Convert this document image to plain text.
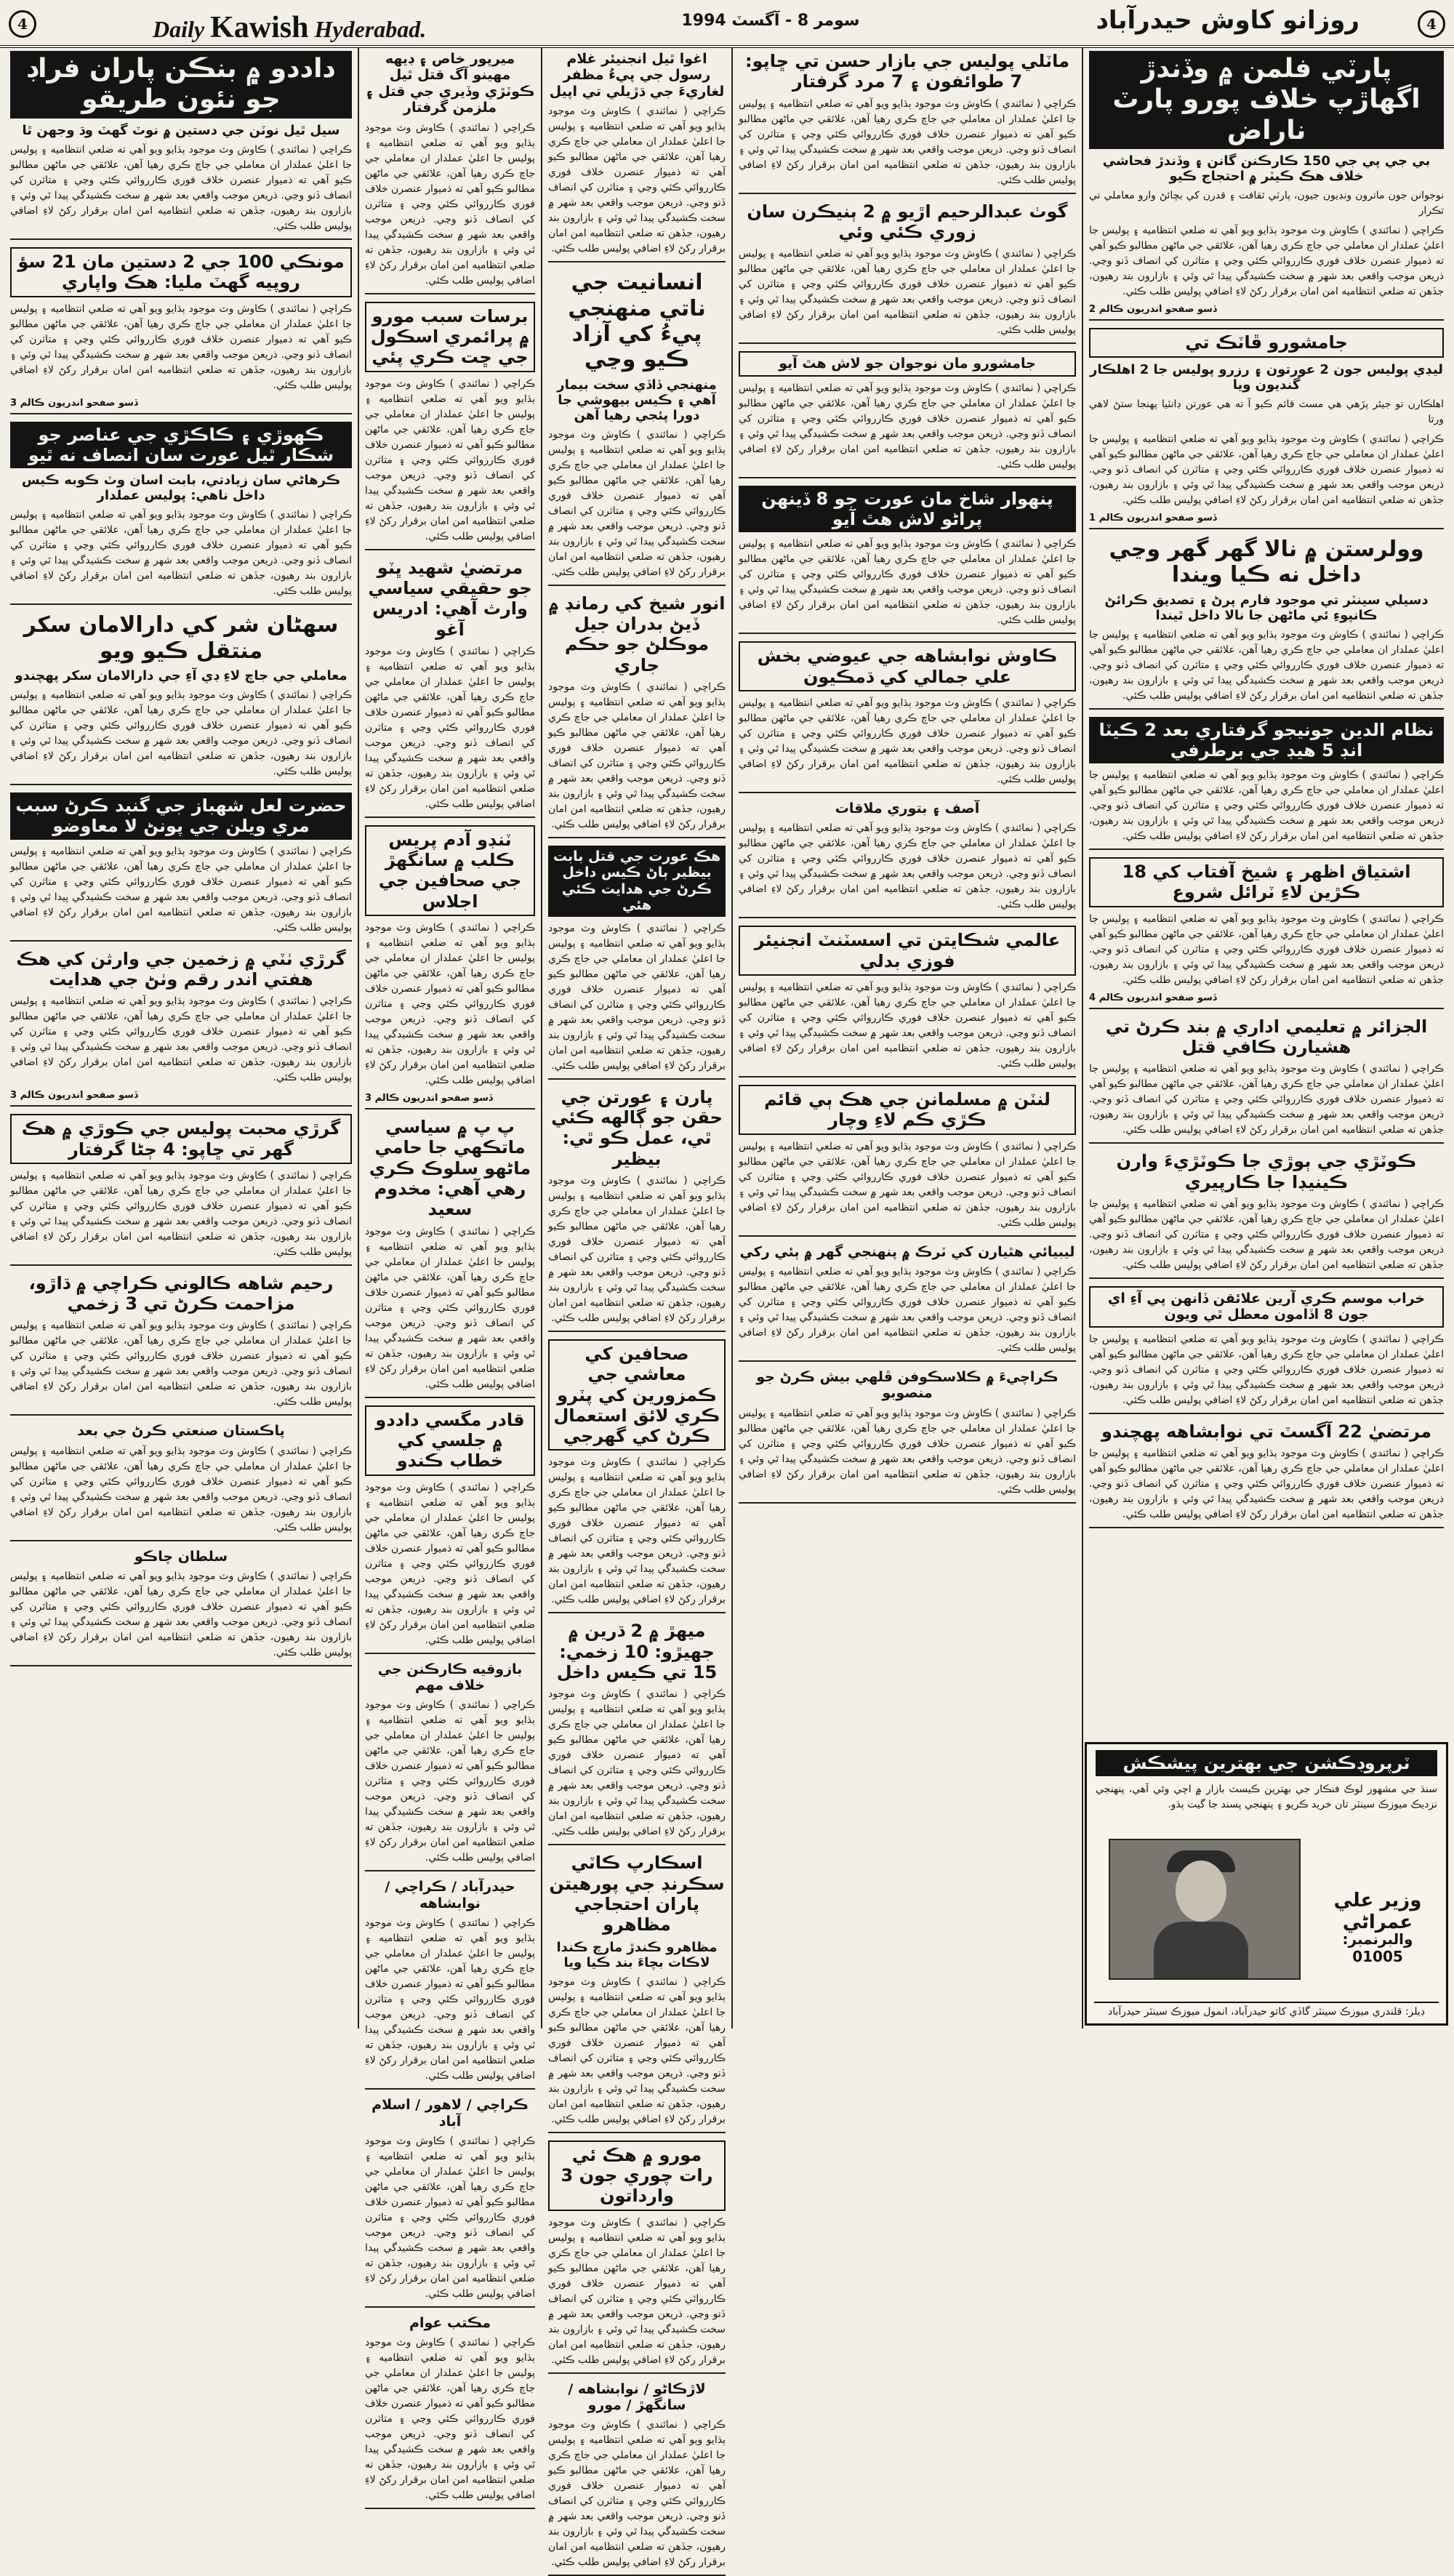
4	Daily Kawish Hyderabad.	سومر 8 - آگسٽ 1994	روزانو كاوش حيدرآباد	4
پارٽي فلمن ۾ وڏندڙ اگهاڙپ خلاف پورو پارٽ ناراض
بي جي پي جي 150 ڪارڪنن گانن ۽ وڏندڙ فحاشي خلاف هڪ ڪيٽر ۾ احتجاج ڪيو
نوجوانن جون ماترون ونڊيون جيون، پارٽي ثقافت ۽ قدرن کي بچائڻ وارو معاملي تي تڪرار
ڪراچي ( نمائندي ) ڪاوش وٽ موجود ٻڌايو ويو آهي ته ضلعي انتظاميه ۽ پوليس جا اعليٰ عملدار ان معاملي جي جاچ ڪري رهيا آهن، علائقي جي ماڻهن مطالبو ڪيو آهي ته ذميوار عنصرن خلاف فوري ڪارروائي ڪئي وڃي ۽ متاثرن کي انصاف ڏنو وڃي. ذريعن موجب واقعي بعد شهر ۾ سخت ڪشيدگي پيدا ٿي وئي ۽ بازارون بند رهيون، جڏهن ته ضلعي انتظاميه امن امان برقرار رکڻ لاءِ اضافي پوليس طلب ڪئي.
ڏسو صفحو اندريون ڪالم 2
جامشورو ڦاٽڪ تي
ليڊي پوليس جون 2 عورتون ۽ رزرو پوليس جا 2 اهلڪار گنديون ويا
اهلڪارن تو جيئر پڙهي هي مسٽ قائم ڪيو آ ته هي عورتن ڊانٽيا پهنجا ستڻ لاهي ورتا
ڪراچي ( نمائندي ) ڪاوش وٽ موجود ٻڌايو ويو آهي ته ضلعي انتظاميه ۽ پوليس جا اعليٰ عملدار ان معاملي جي جاچ ڪري رهيا آهن، علائقي جي ماڻهن مطالبو ڪيو آهي ته ذميوار عنصرن خلاف فوري ڪارروائي ڪئي وڃي ۽ متاثرن کي انصاف ڏنو وڃي. ذريعن موجب واقعي بعد شهر ۾ سخت ڪشيدگي پيدا ٿي وئي ۽ بازارون بند رهيون، جڏهن ته ضلعي انتظاميه امن امان برقرار رکڻ لاءِ اضافي پوليس طلب ڪئي.
ڏسو صفحو اندريون ڪالم 1
وولرستن ۾ نالا گهر گهر وڃي داخل نه ڪيا ويندا
دسيلي سينٽر تي موجود فارم پرڻ ۽ تصديق ڪرائڻ ڪانپوءِ ئي ماڻهن جا نالا داخل ٿيندا
ڪراچي ( نمائندي ) ڪاوش وٽ موجود ٻڌايو ويو آهي ته ضلعي انتظاميه ۽ پوليس جا اعليٰ عملدار ان معاملي جي جاچ ڪري رهيا آهن، علائقي جي ماڻهن مطالبو ڪيو آهي ته ذميوار عنصرن خلاف فوري ڪارروائي ڪئي وڃي ۽ متاثرن کي انصاف ڏنو وڃي. ذريعن موجب واقعي بعد شهر ۾ سخت ڪشيدگي پيدا ٿي وئي ۽ بازارون بند رهيون، جڏهن ته ضلعي انتظاميه امن امان برقرار رکڻ لاءِ اضافي پوليس طلب ڪئي.
نظام الدين جونيجو گرفتاري بعد 2 ڪيٽا انڊ 5 هيڊ جي برطرفي
ڪراچي ( نمائندي ) ڪاوش وٽ موجود ٻڌايو ويو آهي ته ضلعي انتظاميه ۽ پوليس جا اعليٰ عملدار ان معاملي جي جاچ ڪري رهيا آهن، علائقي جي ماڻهن مطالبو ڪيو آهي ته ذميوار عنصرن خلاف فوري ڪارروائي ڪئي وڃي ۽ متاثرن کي انصاف ڏنو وڃي. ذريعن موجب واقعي بعد شهر ۾ سخت ڪشيدگي پيدا ٿي وئي ۽ بازارون بند رهيون، جڏهن ته ضلعي انتظاميه امن امان برقرار رکڻ لاءِ اضافي پوليس طلب ڪئي.
اشتياق اظهر ۽ شيخ آفتاب کي 18 ڪڙين لاءِ ٽرائل شروع
ڪراچي ( نمائندي ) ڪاوش وٽ موجود ٻڌايو ويو آهي ته ضلعي انتظاميه ۽ پوليس جا اعليٰ عملدار ان معاملي جي جاچ ڪري رهيا آهن، علائقي جي ماڻهن مطالبو ڪيو آهي ته ذميوار عنصرن خلاف فوري ڪارروائي ڪئي وڃي ۽ متاثرن کي انصاف ڏنو وڃي. ذريعن موجب واقعي بعد شهر ۾ سخت ڪشيدگي پيدا ٿي وئي ۽ بازارون بند رهيون، جڏهن ته ضلعي انتظاميه امن امان برقرار رکڻ لاءِ اضافي پوليس طلب ڪئي.
ڏسو صفحو اندريون ڪالم 4
الجزائر ۾ تعليمي اداري ۾ بند ڪرڻ تي هشيارن ڪافي قتل
ڪراچي ( نمائندي ) ڪاوش وٽ موجود ٻڌايو ويو آهي ته ضلعي انتظاميه ۽ پوليس جا اعليٰ عملدار ان معاملي جي جاچ ڪري رهيا آهن، علائقي جي ماڻهن مطالبو ڪيو آهي ته ذميوار عنصرن خلاف فوري ڪارروائي ڪئي وڃي ۽ متاثرن کي انصاف ڏنو وڃي. ذريعن موجب واقعي بعد شهر ۾ سخت ڪشيدگي پيدا ٿي وئي ۽ بازارون بند رهيون، جڏهن ته ضلعي انتظاميه امن امان برقرار رکڻ لاءِ اضافي پوليس طلب ڪئي.
ڪوٽڙي جي ٻوڙي جا ڪوٽڙيءَ وارن ڪينيڊا جا ڪارپيري
ڪراچي ( نمائندي ) ڪاوش وٽ موجود ٻڌايو ويو آهي ته ضلعي انتظاميه ۽ پوليس جا اعليٰ عملدار ان معاملي جي جاچ ڪري رهيا آهن، علائقي جي ماڻهن مطالبو ڪيو آهي ته ذميوار عنصرن خلاف فوري ڪارروائي ڪئي وڃي ۽ متاثرن کي انصاف ڏنو وڃي. ذريعن موجب واقعي بعد شهر ۾ سخت ڪشيدگي پيدا ٿي وئي ۽ بازارون بند رهيون، جڏهن ته ضلعي انتظاميه امن امان برقرار رکڻ لاءِ اضافي پوليس طلب ڪئي.
خراب موسم ڪري آرين علائقن ڏانهن پي آءِ اي جون 8 اڏامون معطل ٿي ويون
ڪراچي ( نمائندي ) ڪاوش وٽ موجود ٻڌايو ويو آهي ته ضلعي انتظاميه ۽ پوليس جا اعليٰ عملدار ان معاملي جي جاچ ڪري رهيا آهن، علائقي جي ماڻهن مطالبو ڪيو آهي ته ذميوار عنصرن خلاف فوري ڪارروائي ڪئي وڃي ۽ متاثرن کي انصاف ڏنو وڃي. ذريعن موجب واقعي بعد شهر ۾ سخت ڪشيدگي پيدا ٿي وئي ۽ بازارون بند رهيون، جڏهن ته ضلعي انتظاميه امن امان برقرار رکڻ لاءِ اضافي پوليس طلب ڪئي.
مرتضيٰ 22 آگسٽ تي نوابشاهه پهچندو
ڪراچي ( نمائندي ) ڪاوش وٽ موجود ٻڌايو ويو آهي ته ضلعي انتظاميه ۽ پوليس جا اعليٰ عملدار ان معاملي جي جاچ ڪري رهيا آهن، علائقي جي ماڻهن مطالبو ڪيو آهي ته ذميوار عنصرن خلاف فوري ڪارروائي ڪئي وڃي ۽ متاثرن کي انصاف ڏنو وڃي. ذريعن موجب واقعي بعد شهر ۾ سخت ڪشيدگي پيدا ٿي وئي ۽ بازارون بند رهيون، جڏهن ته ضلعي انتظاميه امن امان برقرار رکڻ لاءِ اضافي پوليس طلب ڪئي.
ماٽلي پوليس جي بازار حسن تي ڇاپو: 7 طوائفون ۽ 7 مرد گرفتار
ڪراچي ( نمائندي ) ڪاوش وٽ موجود ٻڌايو ويو آهي ته ضلعي انتظاميه ۽ پوليس جا اعليٰ عملدار ان معاملي جي جاچ ڪري رهيا آهن، علائقي جي ماڻهن مطالبو ڪيو آهي ته ذميوار عنصرن خلاف فوري ڪارروائي ڪئي وڃي ۽ متاثرن کي انصاف ڏنو وڃي. ذريعن موجب واقعي بعد شهر ۾ سخت ڪشيدگي پيدا ٿي وئي ۽ بازارون بند رهيون، جڏهن ته ضلعي انتظاميه امن امان برقرار رکڻ لاءِ اضافي پوليس طلب ڪئي.
گوٺ عبدالرحيم اڙيو ۾ 2 ٻنيڪرن سان زوري ڪئي وئي
ڪراچي ( نمائندي ) ڪاوش وٽ موجود ٻڌايو ويو آهي ته ضلعي انتظاميه ۽ پوليس جا اعليٰ عملدار ان معاملي جي جاچ ڪري رهيا آهن، علائقي جي ماڻهن مطالبو ڪيو آهي ته ذميوار عنصرن خلاف فوري ڪارروائي ڪئي وڃي ۽ متاثرن کي انصاف ڏنو وڃي. ذريعن موجب واقعي بعد شهر ۾ سخت ڪشيدگي پيدا ٿي وئي ۽ بازارون بند رهيون، جڏهن ته ضلعي انتظاميه امن امان برقرار رکڻ لاءِ اضافي پوليس طلب ڪئي.
جامشورو مان نوجوان جو لاش هٿ آيو
ڪراچي ( نمائندي ) ڪاوش وٽ موجود ٻڌايو ويو آهي ته ضلعي انتظاميه ۽ پوليس جا اعليٰ عملدار ان معاملي جي جاچ ڪري رهيا آهن، علائقي جي ماڻهن مطالبو ڪيو آهي ته ذميوار عنصرن خلاف فوري ڪارروائي ڪئي وڃي ۽ متاثرن کي انصاف ڏنو وڃي. ذريعن موجب واقعي بعد شهر ۾ سخت ڪشيدگي پيدا ٿي وئي ۽ بازارون بند رهيون، جڏهن ته ضلعي انتظاميه امن امان برقرار رکڻ لاءِ اضافي پوليس طلب ڪئي.
پنهوار شاخ مان عورت جو 8 ڏينهن پراڻو لاش هٿ آيو
ڪراچي ( نمائندي ) ڪاوش وٽ موجود ٻڌايو ويو آهي ته ضلعي انتظاميه ۽ پوليس جا اعليٰ عملدار ان معاملي جي جاچ ڪري رهيا آهن، علائقي جي ماڻهن مطالبو ڪيو آهي ته ذميوار عنصرن خلاف فوري ڪارروائي ڪئي وڃي ۽ متاثرن کي انصاف ڏنو وڃي. ذريعن موجب واقعي بعد شهر ۾ سخت ڪشيدگي پيدا ٿي وئي ۽ بازارون بند رهيون، جڏهن ته ضلعي انتظاميه امن امان برقرار رکڻ لاءِ اضافي پوليس طلب ڪئي.
ڪاوش نوابشاهه جي عيوضي بخش علي جمالي کي ڌمڪيون
ڪراچي ( نمائندي ) ڪاوش وٽ موجود ٻڌايو ويو آهي ته ضلعي انتظاميه ۽ پوليس جا اعليٰ عملدار ان معاملي جي جاچ ڪري رهيا آهن، علائقي جي ماڻهن مطالبو ڪيو آهي ته ذميوار عنصرن خلاف فوري ڪارروائي ڪئي وڃي ۽ متاثرن کي انصاف ڏنو وڃي. ذريعن موجب واقعي بعد شهر ۾ سخت ڪشيدگي پيدا ٿي وئي ۽ بازارون بند رهيون، جڏهن ته ضلعي انتظاميه امن امان برقرار رکڻ لاءِ اضافي پوليس طلب ڪئي.
آصف ۽ بتوري ملاقات
ڪراچي ( نمائندي ) ڪاوش وٽ موجود ٻڌايو ويو آهي ته ضلعي انتظاميه ۽ پوليس جا اعليٰ عملدار ان معاملي جي جاچ ڪري رهيا آهن، علائقي جي ماڻهن مطالبو ڪيو آهي ته ذميوار عنصرن خلاف فوري ڪارروائي ڪئي وڃي ۽ متاثرن کي انصاف ڏنو وڃي. ذريعن موجب واقعي بعد شهر ۾ سخت ڪشيدگي پيدا ٿي وئي ۽ بازارون بند رهيون، جڏهن ته ضلعي انتظاميه امن امان برقرار رکڻ لاءِ اضافي پوليس طلب ڪئي.
عالمي شڪايتن تي اسسٽنٽ انجنيئر فوزي بدلي
ڪراچي ( نمائندي ) ڪاوش وٽ موجود ٻڌايو ويو آهي ته ضلعي انتظاميه ۽ پوليس جا اعليٰ عملدار ان معاملي جي جاچ ڪري رهيا آهن، علائقي جي ماڻهن مطالبو ڪيو آهي ته ذميوار عنصرن خلاف فوري ڪارروائي ڪئي وڃي ۽ متاثرن کي انصاف ڏنو وڃي. ذريعن موجب واقعي بعد شهر ۾ سخت ڪشيدگي پيدا ٿي وئي ۽ بازارون بند رهيون، جڏهن ته ضلعي انتظاميه امن امان برقرار رکڻ لاءِ اضافي پوليس طلب ڪئي.
لنٽن ۾ مسلمانن جي هڪ ٻي قائم ڪڙي ڪم لاءِ وچار
ڪراچي ( نمائندي ) ڪاوش وٽ موجود ٻڌايو ويو آهي ته ضلعي انتظاميه ۽ پوليس جا اعليٰ عملدار ان معاملي جي جاچ ڪري رهيا آهن، علائقي جي ماڻهن مطالبو ڪيو آهي ته ذميوار عنصرن خلاف فوري ڪارروائي ڪئي وڃي ۽ متاثرن کي انصاف ڏنو وڃي. ذريعن موجب واقعي بعد شهر ۾ سخت ڪشيدگي پيدا ٿي وئي ۽ بازارون بند رهيون، جڏهن ته ضلعي انتظاميه امن امان برقرار رکڻ لاءِ اضافي پوليس طلب ڪئي.
ليبيائي هٿيارن کي ٽرڪ ۾ پنهنجي گهر ۾ ٻئي رکي
ڪراچي ( نمائندي ) ڪاوش وٽ موجود ٻڌايو ويو آهي ته ضلعي انتظاميه ۽ پوليس جا اعليٰ عملدار ان معاملي جي جاچ ڪري رهيا آهن، علائقي جي ماڻهن مطالبو ڪيو آهي ته ذميوار عنصرن خلاف فوري ڪارروائي ڪئي وڃي ۽ متاثرن کي انصاف ڏنو وڃي. ذريعن موجب واقعي بعد شهر ۾ سخت ڪشيدگي پيدا ٿي وئي ۽ بازارون بند رهيون، جڏهن ته ضلعي انتظاميه امن امان برقرار رکڻ لاءِ اضافي پوليس طلب ڪئي.
ڪراچيءَ ۾ ڪلاسڪوفن ڦلهي بيش ڪرڻ جو منصوبو
ڪراچي ( نمائندي ) ڪاوش وٽ موجود ٻڌايو ويو آهي ته ضلعي انتظاميه ۽ پوليس جا اعليٰ عملدار ان معاملي جي جاچ ڪري رهيا آهن، علائقي جي ماڻهن مطالبو ڪيو آهي ته ذميوار عنصرن خلاف فوري ڪارروائي ڪئي وڃي ۽ متاثرن کي انصاف ڏنو وڃي. ذريعن موجب واقعي بعد شهر ۾ سخت ڪشيدگي پيدا ٿي وئي ۽ بازارون بند رهيون، جڏهن ته ضلعي انتظاميه امن امان برقرار رکڻ لاءِ اضافي پوليس طلب ڪئي.
اغوا ٿيل انجنيئر غلام رسول جي پيءُ مظفر لغاريءَ جي ڌڙيلي تي اپيل
ڪراچي ( نمائندي ) ڪاوش وٽ موجود ٻڌايو ويو آهي ته ضلعي انتظاميه ۽ پوليس جا اعليٰ عملدار ان معاملي جي جاچ ڪري رهيا آهن، علائقي جي ماڻهن مطالبو ڪيو آهي ته ذميوار عنصرن خلاف فوري ڪارروائي ڪئي وڃي ۽ متاثرن کي انصاف ڏنو وڃي. ذريعن موجب واقعي بعد شهر ۾ سخت ڪشيدگي پيدا ٿي وئي ۽ بازارون بند رهيون، جڏهن ته ضلعي انتظاميه امن امان برقرار رکڻ لاءِ اضافي پوليس طلب ڪئي.
انسانيت جي ناتي منهنجي پيءُ کي آزاد ڪيو وڃي
منهنجي ڏاڏي سخت بيمار آهي ۽ ڪيس بيهوشي جا دورا پئجي رهيا آهن
ڪراچي ( نمائندي ) ڪاوش وٽ موجود ٻڌايو ويو آهي ته ضلعي انتظاميه ۽ پوليس جا اعليٰ عملدار ان معاملي جي جاچ ڪري رهيا آهن، علائقي جي ماڻهن مطالبو ڪيو آهي ته ذميوار عنصرن خلاف فوري ڪارروائي ڪئي وڃي ۽ متاثرن کي انصاف ڏنو وڃي. ذريعن موجب واقعي بعد شهر ۾ سخت ڪشيدگي پيدا ٿي وئي ۽ بازارون بند رهيون، جڏهن ته ضلعي انتظاميه امن امان برقرار رکڻ لاءِ اضافي پوليس طلب ڪئي.
انور شيخ کي رمانڊ ۾ ڏيڻ بدران جيل موڪلڻ جو حڪم جاري
ڪراچي ( نمائندي ) ڪاوش وٽ موجود ٻڌايو ويو آهي ته ضلعي انتظاميه ۽ پوليس جا اعليٰ عملدار ان معاملي جي جاچ ڪري رهيا آهن، علائقي جي ماڻهن مطالبو ڪيو آهي ته ذميوار عنصرن خلاف فوري ڪارروائي ڪئي وڃي ۽ متاثرن کي انصاف ڏنو وڃي. ذريعن موجب واقعي بعد شهر ۾ سخت ڪشيدگي پيدا ٿي وئي ۽ بازارون بند رهيون، جڏهن ته ضلعي انتظاميه امن امان برقرار رکڻ لاءِ اضافي پوليس طلب ڪئي.
هڪ عورت جي قتل بابت بيظير ٻاڻ ڪيس داخل ڪرڻ جي هدايت ڪئي هئي
ڪراچي ( نمائندي ) ڪاوش وٽ موجود ٻڌايو ويو آهي ته ضلعي انتظاميه ۽ پوليس جا اعليٰ عملدار ان معاملي جي جاچ ڪري رهيا آهن، علائقي جي ماڻهن مطالبو ڪيو آهي ته ذميوار عنصرن خلاف فوري ڪارروائي ڪئي وڃي ۽ متاثرن کي انصاف ڏنو وڃي. ذريعن موجب واقعي بعد شهر ۾ سخت ڪشيدگي پيدا ٿي وئي ۽ بازارون بند رهيون، جڏهن ته ضلعي انتظاميه امن امان برقرار رکڻ لاءِ اضافي پوليس طلب ڪئي.
پارن ۽ عورتن جي حقن جو ڳالهه ڪئي ٿي، عمل ڪو ٿي: بيظير
ڪراچي ( نمائندي ) ڪاوش وٽ موجود ٻڌايو ويو آهي ته ضلعي انتظاميه ۽ پوليس جا اعليٰ عملدار ان معاملي جي جاچ ڪري رهيا آهن، علائقي جي ماڻهن مطالبو ڪيو آهي ته ذميوار عنصرن خلاف فوري ڪارروائي ڪئي وڃي ۽ متاثرن کي انصاف ڏنو وڃي. ذريعن موجب واقعي بعد شهر ۾ سخت ڪشيدگي پيدا ٿي وئي ۽ بازارون بند رهيون، جڏهن ته ضلعي انتظاميه امن امان برقرار رکڻ لاءِ اضافي پوليس طلب ڪئي.
صحافين کي معاشي جي ڪمزورين کي پٽرو ڪري لائق استعمال ڪرڻ کي گهرجي
ڪراچي ( نمائندي ) ڪاوش وٽ موجود ٻڌايو ويو آهي ته ضلعي انتظاميه ۽ پوليس جا اعليٰ عملدار ان معاملي جي جاچ ڪري رهيا آهن، علائقي جي ماڻهن مطالبو ڪيو آهي ته ذميوار عنصرن خلاف فوري ڪارروائي ڪئي وڃي ۽ متاثرن کي انصاف ڏنو وڃي. ذريعن موجب واقعي بعد شهر ۾ سخت ڪشيدگي پيدا ٿي وئي ۽ بازارون بند رهيون، جڏهن ته ضلعي انتظاميه امن امان برقرار رکڻ لاءِ اضافي پوليس طلب ڪئي.
ميهڙ ۾ 2 ڌرين ۾ جهيڙو: 10 زخمي: 15 تي ڪيس داخل
ڪراچي ( نمائندي ) ڪاوش وٽ موجود ٻڌايو ويو آهي ته ضلعي انتظاميه ۽ پوليس جا اعليٰ عملدار ان معاملي جي جاچ ڪري رهيا آهن، علائقي جي ماڻهن مطالبو ڪيو آهي ته ذميوار عنصرن خلاف فوري ڪارروائي ڪئي وڃي ۽ متاثرن کي انصاف ڏنو وڃي. ذريعن موجب واقعي بعد شهر ۾ سخت ڪشيدگي پيدا ٿي وئي ۽ بازارون بند رهيون، جڏهن ته ضلعي انتظاميه امن امان برقرار رکڻ لاءِ اضافي پوليس طلب ڪئي.
اسڪارپ ڪاٽي سڪرنڊ جي پورهيتن پاران احتجاجي مظاهرو
مظاهرو ڪندڙ مارچ ڪندا لاڪات بچاءَ بند ڪيا ويا
ڪراچي ( نمائندي ) ڪاوش وٽ موجود ٻڌايو ويو آهي ته ضلعي انتظاميه ۽ پوليس جا اعليٰ عملدار ان معاملي جي جاچ ڪري رهيا آهن، علائقي جي ماڻهن مطالبو ڪيو آهي ته ذميوار عنصرن خلاف فوري ڪارروائي ڪئي وڃي ۽ متاثرن کي انصاف ڏنو وڃي. ذريعن موجب واقعي بعد شهر ۾ سخت ڪشيدگي پيدا ٿي وئي ۽ بازارون بند رهيون، جڏهن ته ضلعي انتظاميه امن امان برقرار رکڻ لاءِ اضافي پوليس طلب ڪئي.
مورو ۾ هڪ ئي رات چوري جون 3 وارداتون
ڪراچي ( نمائندي ) ڪاوش وٽ موجود ٻڌايو ويو آهي ته ضلعي انتظاميه ۽ پوليس جا اعليٰ عملدار ان معاملي جي جاچ ڪري رهيا آهن، علائقي جي ماڻهن مطالبو ڪيو آهي ته ذميوار عنصرن خلاف فوري ڪارروائي ڪئي وڃي ۽ متاثرن کي انصاف ڏنو وڃي. ذريعن موجب واقعي بعد شهر ۾ سخت ڪشيدگي پيدا ٿي وئي ۽ بازارون بند رهيون، جڏهن ته ضلعي انتظاميه امن امان برقرار رکڻ لاءِ اضافي پوليس طلب ڪئي.
لاڙڪاڻو / نوابشاهه / سانگهڙ / مورو
ڪراچي ( نمائندي ) ڪاوش وٽ موجود ٻڌايو ويو آهي ته ضلعي انتظاميه ۽ پوليس جا اعليٰ عملدار ان معاملي جي جاچ ڪري رهيا آهن، علائقي جي ماڻهن مطالبو ڪيو آهي ته ذميوار عنصرن خلاف فوري ڪارروائي ڪئي وڃي ۽ متاثرن کي انصاف ڏنو وڃي. ذريعن موجب واقعي بعد شهر ۾ سخت ڪشيدگي پيدا ٿي وئي ۽ بازارون بند رهيون، جڏهن ته ضلعي انتظاميه امن امان برقرار رکڻ لاءِ اضافي پوليس طلب ڪئي.
ميرپور خاص ۽ ڊيهه مهينو آگ قتل ٿيل ڪوٽڙي وڏيري جي قتل ۽ ملزمن گرفتار
ڪراچي ( نمائندي ) ڪاوش وٽ موجود ٻڌايو ويو آهي ته ضلعي انتظاميه ۽ پوليس جا اعليٰ عملدار ان معاملي جي جاچ ڪري رهيا آهن، علائقي جي ماڻهن مطالبو ڪيو آهي ته ذميوار عنصرن خلاف فوري ڪارروائي ڪئي وڃي ۽ متاثرن کي انصاف ڏنو وڃي. ذريعن موجب واقعي بعد شهر ۾ سخت ڪشيدگي پيدا ٿي وئي ۽ بازارون بند رهيون، جڏهن ته ضلعي انتظاميه امن امان برقرار رکڻ لاءِ اضافي پوليس طلب ڪئي.
برسات سبب مورو ۾ پرائمري اسڪول جي ڇت ڪري پئي
ڪراچي ( نمائندي ) ڪاوش وٽ موجود ٻڌايو ويو آهي ته ضلعي انتظاميه ۽ پوليس جا اعليٰ عملدار ان معاملي جي جاچ ڪري رهيا آهن، علائقي جي ماڻهن مطالبو ڪيو آهي ته ذميوار عنصرن خلاف فوري ڪارروائي ڪئي وڃي ۽ متاثرن کي انصاف ڏنو وڃي. ذريعن موجب واقعي بعد شهر ۾ سخت ڪشيدگي پيدا ٿي وئي ۽ بازارون بند رهيون، جڏهن ته ضلعي انتظاميه امن امان برقرار رکڻ لاءِ اضافي پوليس طلب ڪئي.
مرتضيٰ شهيد ڀٽو جو حقيقي سياسي وارث آهي: ادريس آغو
ڪراچي ( نمائندي ) ڪاوش وٽ موجود ٻڌايو ويو آهي ته ضلعي انتظاميه ۽ پوليس جا اعليٰ عملدار ان معاملي جي جاچ ڪري رهيا آهن، علائقي جي ماڻهن مطالبو ڪيو آهي ته ذميوار عنصرن خلاف فوري ڪارروائي ڪئي وڃي ۽ متاثرن کي انصاف ڏنو وڃي. ذريعن موجب واقعي بعد شهر ۾ سخت ڪشيدگي پيدا ٿي وئي ۽ بازارون بند رهيون، جڏهن ته ضلعي انتظاميه امن امان برقرار رکڻ لاءِ اضافي پوليس طلب ڪئي.
ٽنڊو آدم پريس ڪلب ۾ سانگهڙ جي صحافين جي اجلاس
ڪراچي ( نمائندي ) ڪاوش وٽ موجود ٻڌايو ويو آهي ته ضلعي انتظاميه ۽ پوليس جا اعليٰ عملدار ان معاملي جي جاچ ڪري رهيا آهن، علائقي جي ماڻهن مطالبو ڪيو آهي ته ذميوار عنصرن خلاف فوري ڪارروائي ڪئي وڃي ۽ متاثرن کي انصاف ڏنو وڃي. ذريعن موجب واقعي بعد شهر ۾ سخت ڪشيدگي پيدا ٿي وئي ۽ بازارون بند رهيون، جڏهن ته ضلعي انتظاميه امن امان برقرار رکڻ لاءِ اضافي پوليس طلب ڪئي.
ڏسو صفحو اندريون ڪالم 3
پ پ ۾ سياسي ماتڪهي جا حامي ماڻهو سلوڪ ڪري رهي آهي: مخدوم سعيد
ڪراچي ( نمائندي ) ڪاوش وٽ موجود ٻڌايو ويو آهي ته ضلعي انتظاميه ۽ پوليس جا اعليٰ عملدار ان معاملي جي جاچ ڪري رهيا آهن، علائقي جي ماڻهن مطالبو ڪيو آهي ته ذميوار عنصرن خلاف فوري ڪارروائي ڪئي وڃي ۽ متاثرن کي انصاف ڏنو وڃي. ذريعن موجب واقعي بعد شهر ۾ سخت ڪشيدگي پيدا ٿي وئي ۽ بازارون بند رهيون، جڏهن ته ضلعي انتظاميه امن امان برقرار رکڻ لاءِ اضافي پوليس طلب ڪئي.
قادر مگسي داددو ۾ جلسي کي خطاب ڪندو
ڪراچي ( نمائندي ) ڪاوش وٽ موجود ٻڌايو ويو آهي ته ضلعي انتظاميه ۽ پوليس جا اعليٰ عملدار ان معاملي جي جاچ ڪري رهيا آهن، علائقي جي ماڻهن مطالبو ڪيو آهي ته ذميوار عنصرن خلاف فوري ڪارروائي ڪئي وڃي ۽ متاثرن کي انصاف ڏنو وڃي. ذريعن موجب واقعي بعد شهر ۾ سخت ڪشيدگي پيدا ٿي وئي ۽ بازارون بند رهيون، جڏهن ته ضلعي انتظاميه امن امان برقرار رکڻ لاءِ اضافي پوليس طلب ڪئي.
بازوقيه ڪارڪنن جي خلاف مهم
ڪراچي ( نمائندي ) ڪاوش وٽ موجود ٻڌايو ويو آهي ته ضلعي انتظاميه ۽ پوليس جا اعليٰ عملدار ان معاملي جي جاچ ڪري رهيا آهن، علائقي جي ماڻهن مطالبو ڪيو آهي ته ذميوار عنصرن خلاف فوري ڪارروائي ڪئي وڃي ۽ متاثرن کي انصاف ڏنو وڃي. ذريعن موجب واقعي بعد شهر ۾ سخت ڪشيدگي پيدا ٿي وئي ۽ بازارون بند رهيون، جڏهن ته ضلعي انتظاميه امن امان برقرار رکڻ لاءِ اضافي پوليس طلب ڪئي.
حيدرآباد / ڪراچي / نوابشاهه
ڪراچي ( نمائندي ) ڪاوش وٽ موجود ٻڌايو ويو آهي ته ضلعي انتظاميه ۽ پوليس جا اعليٰ عملدار ان معاملي جي جاچ ڪري رهيا آهن، علائقي جي ماڻهن مطالبو ڪيو آهي ته ذميوار عنصرن خلاف فوري ڪارروائي ڪئي وڃي ۽ متاثرن کي انصاف ڏنو وڃي. ذريعن موجب واقعي بعد شهر ۾ سخت ڪشيدگي پيدا ٿي وئي ۽ بازارون بند رهيون، جڏهن ته ضلعي انتظاميه امن امان برقرار رکڻ لاءِ اضافي پوليس طلب ڪئي.
ڪراچي / لاهور / اسلام آباد
ڪراچي ( نمائندي ) ڪاوش وٽ موجود ٻڌايو ويو آهي ته ضلعي انتظاميه ۽ پوليس جا اعليٰ عملدار ان معاملي جي جاچ ڪري رهيا آهن، علائقي جي ماڻهن مطالبو ڪيو آهي ته ذميوار عنصرن خلاف فوري ڪارروائي ڪئي وڃي ۽ متاثرن کي انصاف ڏنو وڃي. ذريعن موجب واقعي بعد شهر ۾ سخت ڪشيدگي پيدا ٿي وئي ۽ بازارون بند رهيون، جڏهن ته ضلعي انتظاميه امن امان برقرار رکڻ لاءِ اضافي پوليس طلب ڪئي.
مڪتب عوام
ڪراچي ( نمائندي ) ڪاوش وٽ موجود ٻڌايو ويو آهي ته ضلعي انتظاميه ۽ پوليس جا اعليٰ عملدار ان معاملي جي جاچ ڪري رهيا آهن، علائقي جي ماڻهن مطالبو ڪيو آهي ته ذميوار عنصرن خلاف فوري ڪارروائي ڪئي وڃي ۽ متاثرن کي انصاف ڏنو وڃي. ذريعن موجب واقعي بعد شهر ۾ سخت ڪشيدگي پيدا ٿي وئي ۽ بازارون بند رهيون، جڏهن ته ضلعي انتظاميه امن امان برقرار رکڻ لاءِ اضافي پوليس طلب ڪئي.
داددو ۾ بنڪن پاران فراڊ جو نئون طريقو
سيل ٿيل نوٽن جي دستين ۾ نوٽ گهٽ وڌ وجهن ٿا
ڪراچي ( نمائندي ) ڪاوش وٽ موجود ٻڌايو ويو آهي ته ضلعي انتظاميه ۽ پوليس جا اعليٰ عملدار ان معاملي جي جاچ ڪري رهيا آهن، علائقي جي ماڻهن مطالبو ڪيو آهي ته ذميوار عنصرن خلاف فوري ڪارروائي ڪئي وڃي ۽ متاثرن کي انصاف ڏنو وڃي. ذريعن موجب واقعي بعد شهر ۾ سخت ڪشيدگي پيدا ٿي وئي ۽ بازارون بند رهيون، جڏهن ته ضلعي انتظاميه امن امان برقرار رکڻ لاءِ اضافي پوليس طلب ڪئي.
مونڪي 100 جي 2 دستين مان 21 سؤ روپيه گهٽ مليا: هڪ واپاري
ڪراچي ( نمائندي ) ڪاوش وٽ موجود ٻڌايو ويو آهي ته ضلعي انتظاميه ۽ پوليس جا اعليٰ عملدار ان معاملي جي جاچ ڪري رهيا آهن، علائقي جي ماڻهن مطالبو ڪيو آهي ته ذميوار عنصرن خلاف فوري ڪارروائي ڪئي وڃي ۽ متاثرن کي انصاف ڏنو وڃي. ذريعن موجب واقعي بعد شهر ۾ سخت ڪشيدگي پيدا ٿي وئي ۽ بازارون بند رهيون، جڏهن ته ضلعي انتظاميه امن امان برقرار رکڻ لاءِ اضافي پوليس طلب ڪئي.
ڏسو صفحو اندريون ڪالم 3
ڪهوڙي ۽ ڪاڪڙي جي عناصر جو شڪار ٿيل عورت سان انصاف نه ٿيو
ڪرهاڻي سان زيادتي، بابت اسان وٽ ڪوبه ڪيس داخل ناهي: پوليس عملدار
ڪراچي ( نمائندي ) ڪاوش وٽ موجود ٻڌايو ويو آهي ته ضلعي انتظاميه ۽ پوليس جا اعليٰ عملدار ان معاملي جي جاچ ڪري رهيا آهن، علائقي جي ماڻهن مطالبو ڪيو آهي ته ذميوار عنصرن خلاف فوري ڪارروائي ڪئي وڃي ۽ متاثرن کي انصاف ڏنو وڃي. ذريعن موجب واقعي بعد شهر ۾ سخت ڪشيدگي پيدا ٿي وئي ۽ بازارون بند رهيون، جڏهن ته ضلعي انتظاميه امن امان برقرار رکڻ لاءِ اضافي پوليس طلب ڪئي.
سهڻان شر کي دارالامان سکر منتقل ڪيو ويو
معاملي جي جاچ لاءِ ڊي آءِ جي دارالامان سکر پهچندو
ڪراچي ( نمائندي ) ڪاوش وٽ موجود ٻڌايو ويو آهي ته ضلعي انتظاميه ۽ پوليس جا اعليٰ عملدار ان معاملي جي جاچ ڪري رهيا آهن، علائقي جي ماڻهن مطالبو ڪيو آهي ته ذميوار عنصرن خلاف فوري ڪارروائي ڪئي وڃي ۽ متاثرن کي انصاف ڏنو وڃي. ذريعن موجب واقعي بعد شهر ۾ سخت ڪشيدگي پيدا ٿي وئي ۽ بازارون بند رهيون، جڏهن ته ضلعي انتظاميه امن امان برقرار رکڻ لاءِ اضافي پوليس طلب ڪئي.
حضرت لعل شهباز جي گنبد ڪرڻ سبب مري ويلن جي پونڻ لا معاوضو
ڪراچي ( نمائندي ) ڪاوش وٽ موجود ٻڌايو ويو آهي ته ضلعي انتظاميه ۽ پوليس جا اعليٰ عملدار ان معاملي جي جاچ ڪري رهيا آهن، علائقي جي ماڻهن مطالبو ڪيو آهي ته ذميوار عنصرن خلاف فوري ڪارروائي ڪئي وڃي ۽ متاثرن کي انصاف ڏنو وڃي. ذريعن موجب واقعي بعد شهر ۾ سخت ڪشيدگي پيدا ٿي وئي ۽ بازارون بند رهيون، جڏهن ته ضلعي انتظاميه امن امان برقرار رکڻ لاءِ اضافي پوليس طلب ڪئي.
گرڙي ٺٽي ۾ زخمين جي وارثن کي هڪ هفتي اندر رقم وٺڻ جي هدايت
ڪراچي ( نمائندي ) ڪاوش وٽ موجود ٻڌايو ويو آهي ته ضلعي انتظاميه ۽ پوليس جا اعليٰ عملدار ان معاملي جي جاچ ڪري رهيا آهن، علائقي جي ماڻهن مطالبو ڪيو آهي ته ذميوار عنصرن خلاف فوري ڪارروائي ڪئي وڃي ۽ متاثرن کي انصاف ڏنو وڃي. ذريعن موجب واقعي بعد شهر ۾ سخت ڪشيدگي پيدا ٿي وئي ۽ بازارون بند رهيون، جڏهن ته ضلعي انتظاميه امن امان برقرار رکڻ لاءِ اضافي پوليس طلب ڪئي.
ڏسو صفحو اندريون ڪالم 3
گرڙي محبت پوليس جي ڪوڙي ۾ هڪ گهر تي ڇاپو: 4 ڄڻا گرفتار
ڪراچي ( نمائندي ) ڪاوش وٽ موجود ٻڌايو ويو آهي ته ضلعي انتظاميه ۽ پوليس جا اعليٰ عملدار ان معاملي جي جاچ ڪري رهيا آهن، علائقي جي ماڻهن مطالبو ڪيو آهي ته ذميوار عنصرن خلاف فوري ڪارروائي ڪئي وڃي ۽ متاثرن کي انصاف ڏنو وڃي. ذريعن موجب واقعي بعد شهر ۾ سخت ڪشيدگي پيدا ٿي وئي ۽ بازارون بند رهيون، جڏهن ته ضلعي انتظاميه امن امان برقرار رکڻ لاءِ اضافي پوليس طلب ڪئي.
رحيم شاهه ڪالوني ڪراچي ۾ ڌاڙو، مزاحمت ڪرڻ تي 3 زخمي
ڪراچي ( نمائندي ) ڪاوش وٽ موجود ٻڌايو ويو آهي ته ضلعي انتظاميه ۽ پوليس جا اعليٰ عملدار ان معاملي جي جاچ ڪري رهيا آهن، علائقي جي ماڻهن مطالبو ڪيو آهي ته ذميوار عنصرن خلاف فوري ڪارروائي ڪئي وڃي ۽ متاثرن کي انصاف ڏنو وڃي. ذريعن موجب واقعي بعد شهر ۾ سخت ڪشيدگي پيدا ٿي وئي ۽ بازارون بند رهيون، جڏهن ته ضلعي انتظاميه امن امان برقرار رکڻ لاءِ اضافي پوليس طلب ڪئي.
پاڪستان صنعتي ڪرڻ جي بعد
ڪراچي ( نمائندي ) ڪاوش وٽ موجود ٻڌايو ويو آهي ته ضلعي انتظاميه ۽ پوليس جا اعليٰ عملدار ان معاملي جي جاچ ڪري رهيا آهن، علائقي جي ماڻهن مطالبو ڪيو آهي ته ذميوار عنصرن خلاف فوري ڪارروائي ڪئي وڃي ۽ متاثرن کي انصاف ڏنو وڃي. ذريعن موجب واقعي بعد شهر ۾ سخت ڪشيدگي پيدا ٿي وئي ۽ بازارون بند رهيون، جڏهن ته ضلعي انتظاميه امن امان برقرار رکڻ لاءِ اضافي پوليس طلب ڪئي.
سلطان چاڪو
ڪراچي ( نمائندي ) ڪاوش وٽ موجود ٻڌايو ويو آهي ته ضلعي انتظاميه ۽ پوليس جا اعليٰ عملدار ان معاملي جي جاچ ڪري رهيا آهن، علائقي جي ماڻهن مطالبو ڪيو آهي ته ذميوار عنصرن خلاف فوري ڪارروائي ڪئي وڃي ۽ متاثرن کي انصاف ڏنو وڃي. ذريعن موجب واقعي بعد شهر ۾ سخت ڪشيدگي پيدا ٿي وئي ۽ بازارون بند رهيون، جڏهن ته ضلعي انتظاميه امن امان برقرار رکڻ لاءِ اضافي پوليس طلب ڪئي.
ٽرپروڊڪشن جي بهترين پيشڪش
سنڌ جي مشهور لوڪ فنڪار جي بهترين ڪيسٽ بازار ۾ اچي وئي آهي، پنهنجي نزديڪ ميوزڪ سينٽر تان خريد ڪريو ۽ پنهنجي پسند جا گيت ٻڌو.
وزير علي عمراڻي
والبرنمبر: 01005
ڊيلر: قلندري ميوزڪ سينٽر گاڏي کاتو حيدرآباد، انمول ميوزڪ سينٽر حيدرآباد
